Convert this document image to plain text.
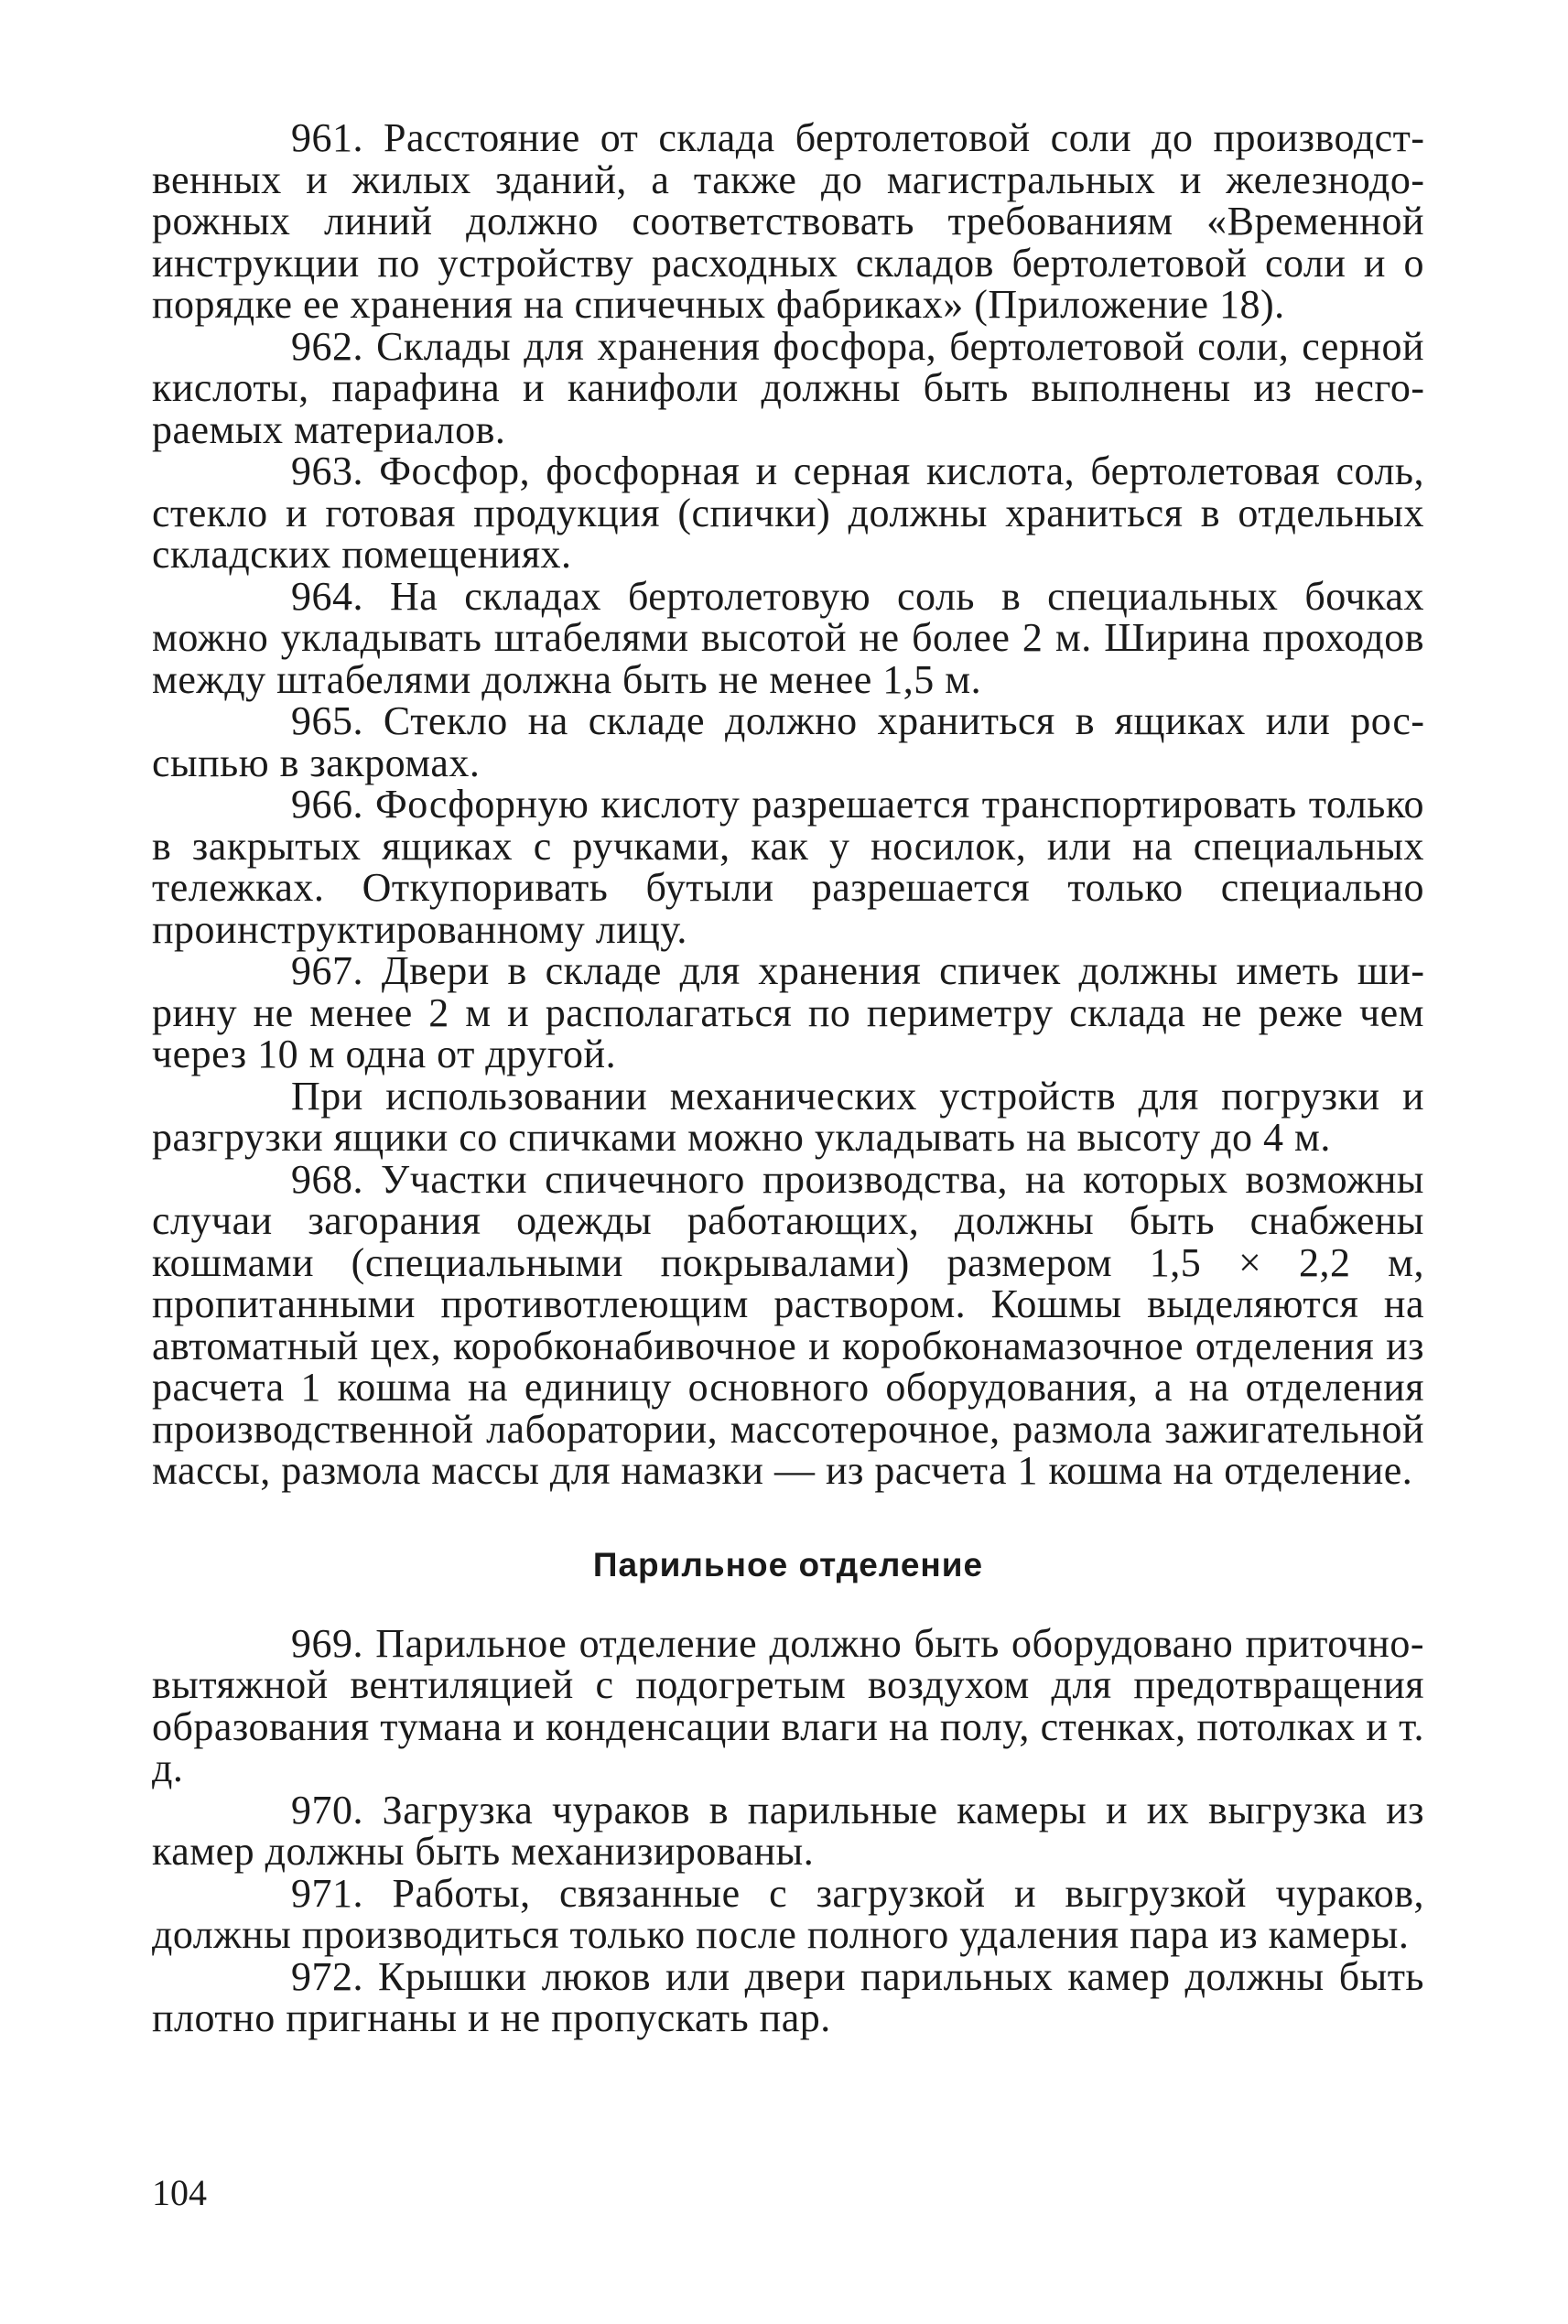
961. Расстояние от склада бертолетовой соли до производственных и жилых зданий, а также до магистральных и железнодорожных линий должно соответствовать требованиям «Временной инструкции по устройству расходных складов бертолетовой соли и о порядке ее хранения на спичечных фабриках» (Приложение 18).

962. Склады для хранения фосфора, бертолетовой соли, серной кислоты, парафина и канифоли должны быть выполнены из несгораемых материалов.

963. Фосфор, фосфорная и серная кислота, бертолетовая соль, стекло и готовая продукция (спички) должны храниться в отдельных складских помещениях.

964. На складах бертолетовую соль в специальных бочках можно укладывать штабелями высотой не более 2 м. Ширина проходов между штабелями должна быть не менее 1,5 м.

965. Стекло на складе должно храниться в ящиках или россыпью в закромах.

966. Фосфорную кислоту разрешается транспортировать только в закрытых ящиках с ручками, как у носилок, или на специальных тележках. Откупоривать бутыли разрешается только специально проинструктированному лицу.

967. Двери в складе для хранения спичек должны иметь ширину не менее 2 м и располагаться по периметру склада не реже чем через 10 м одна от другой.

При использовании механических устройств для погрузки и разгрузки ящики со спичками можно укладывать на высоту до 4 м.

968. Участки спичечного производства, на которых возможны случаи загорания одежды работающих, должны быть снабжены кошмами (специальными покрывалами) размером 1,5 × 2,2 м, пропитанными противотлеющим раствором. Кошмы выделяются на автоматный цех, коробконабивочное и коробконамазочное отделения из расчета 1 кошма на единицу основного оборудования, а на отделения производственной лаборатории, массотерочное, размола зажигательной массы, размола массы для намазки — из расчета 1 кошма на отделение.

Парильное отделение

969. Парильное отделение должно быть оборудовано приточно-вытяжной вентиляцией с подогретым воздухом для предотвращения образования тумана и конденсации влаги на полу, стенках, потолках и т. д.

970. Загрузка чураков в парильные камеры и их выгрузка из камер должны быть механизированы.

971. Работы, связанные с загрузкой и выгрузкой чураков, должны производиться только после полного удаления пара из камеры.

972. Крышки люков или двери парильных камер должны быть плотно пригнаны и не пропускать пар.

104
